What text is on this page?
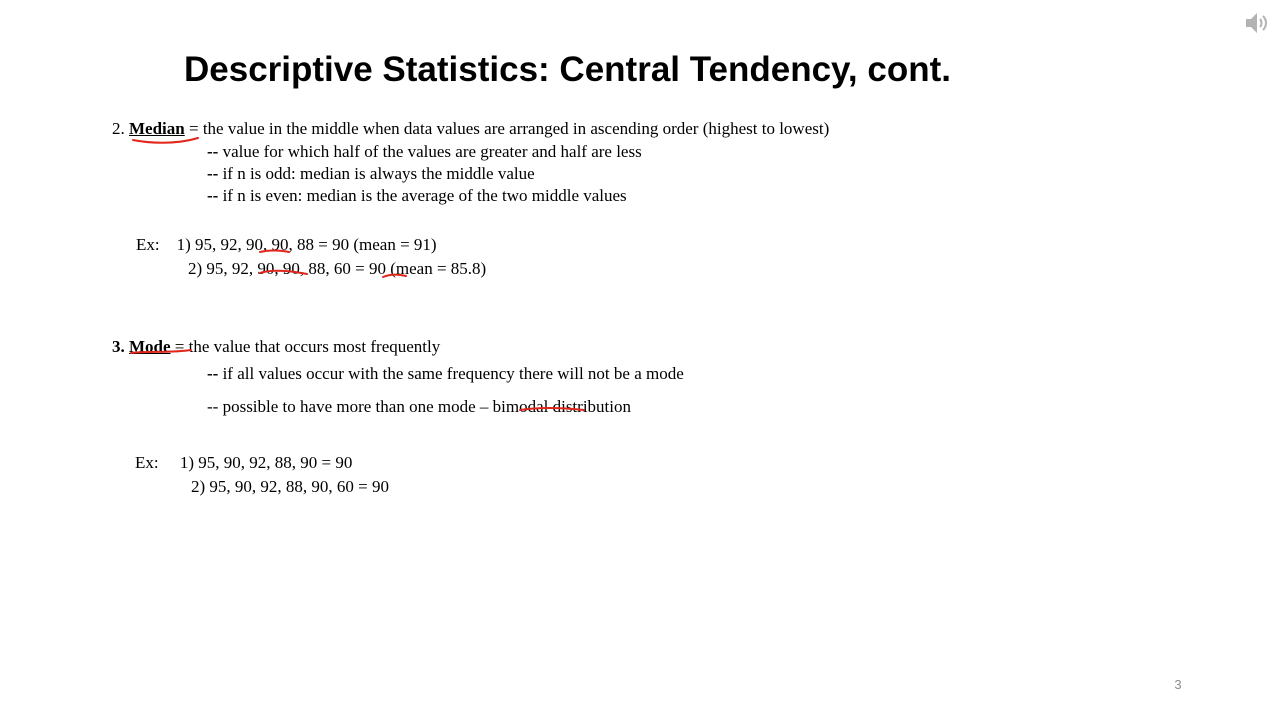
Descriptive Statistics: Central Tendency, cont.
2. Median = the value in the middle when data values are arranged in ascending order (highest to lowest)
-- value for which half of the values are greater and half are less
-- if n is odd: median is always the middle value
-- if n is even: median is the average of the two middle values
Ex: 1) 95, 92, 90, 90, 88 = 90 (mean = 91)
2) 95, 92, 90, 90, 88, 60 = 90 (mean = 85.8)
3. Mode = the value that occurs most frequently
-- if all values occur with the same frequency there will not be a mode
-- possible to have more than one mode – bimodal distribution
Ex: 1) 95, 90, 92, 88, 90 = 90
2) 95, 90, 92, 88, 90, 60 = 90
3
